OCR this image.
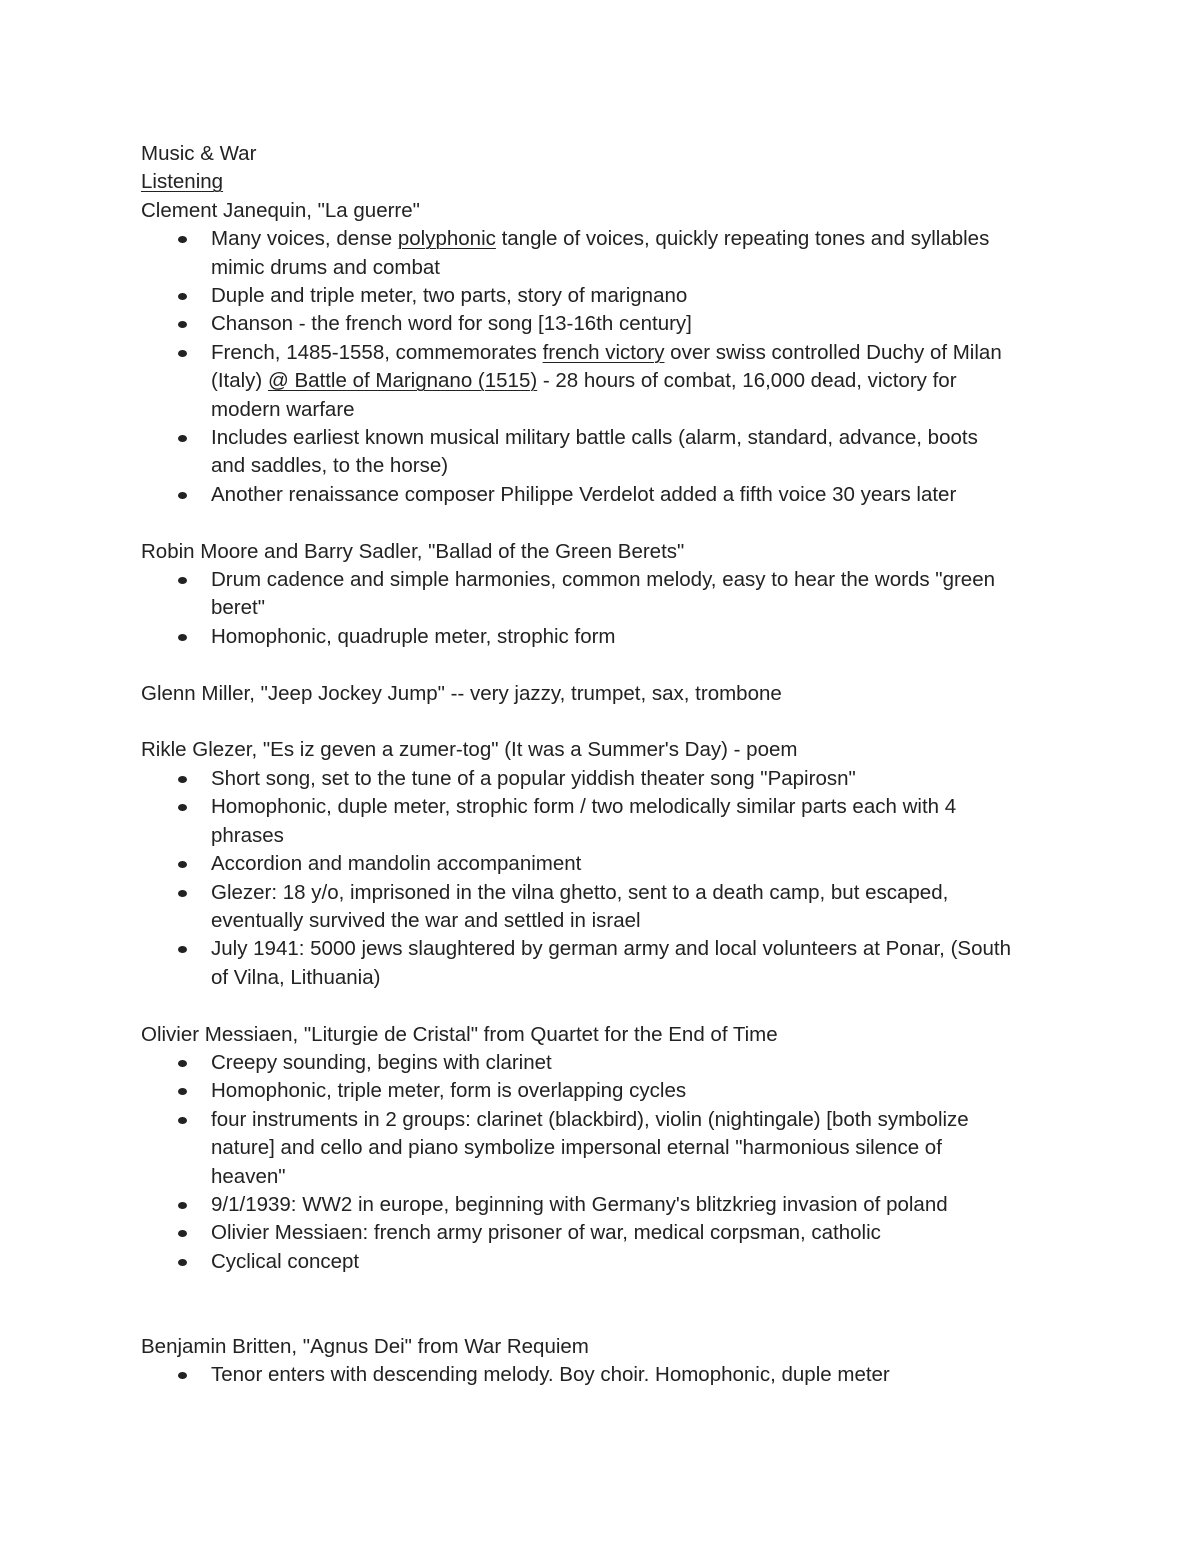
Music & War

Listening

Clement Janequin, "La guerre"

Many voices, dense polyphonic tangle of voices, quickly repeating tones and syllables
mimic drums and combat
Duple and triple meter, two parts, story of marignano
Chanson - the french word for song [13-16th century]
French, 1485-1558, commemorates french victory over swiss controlled Duchy of Milan
(Italy) @ Battle of Marignano (1515) - 28 hours of combat, 16,000 dead, victory for
modern warfare
Includes earliest known musical military battle calls (alarm, standard, advance, boots
and saddles, to the horse)
Another renaissance composer Philippe Verdelot added a fifth voice 30 years later

Robin Moore and Barry Sadler, "Ballad of the Green Berets"

Drum cadence and simple harmonies, common melody, easy to hear the words "green
beret"
Homophonic, quadruple meter, strophic form

Glenn Miller, "Jeep Jockey Jump" -- very jazzy, trumpet, sax, trombone

Rikle Glezer, "Es iz geven a zumer-tog" (It was a Summer's Day) - poem

Short song, set to the tune of a popular yiddish theater song "Papirosn"
Homophonic, duple meter, strophic form / two melodically similar parts each with 4
phrases
Accordion and mandolin accompaniment
Glezer: 18 y/o, imprisoned in the vilna ghetto, sent to a death camp, but escaped,
eventually survived the war and settled in israel
July 1941: 5000 jews slaughtered by german army and local volunteers at Ponar, (South
of Vilna, Lithuania)

Olivier Messiaen, "Liturgie de Cristal" from Quartet for the End of Time

Creepy sounding, begins with clarinet
Homophonic, triple meter, form is overlapping cycles
four instruments in 2 groups: clarinet (blackbird), violin (nightingale) [both symbolize
nature] and cello and piano symbolize impersonal eternal "harmonious silence of
heaven"
9/1/1939: WW2 in europe, beginning with Germany's blitzkrieg invasion of poland
Olivier Messiaen: french army prisoner of war, medical corpsman, catholic
Cyclical concept

Benjamin Britten, "Agnus Dei" from War Requiem

Tenor enters with descending melody. Boy choir. Homophonic, duple meter
